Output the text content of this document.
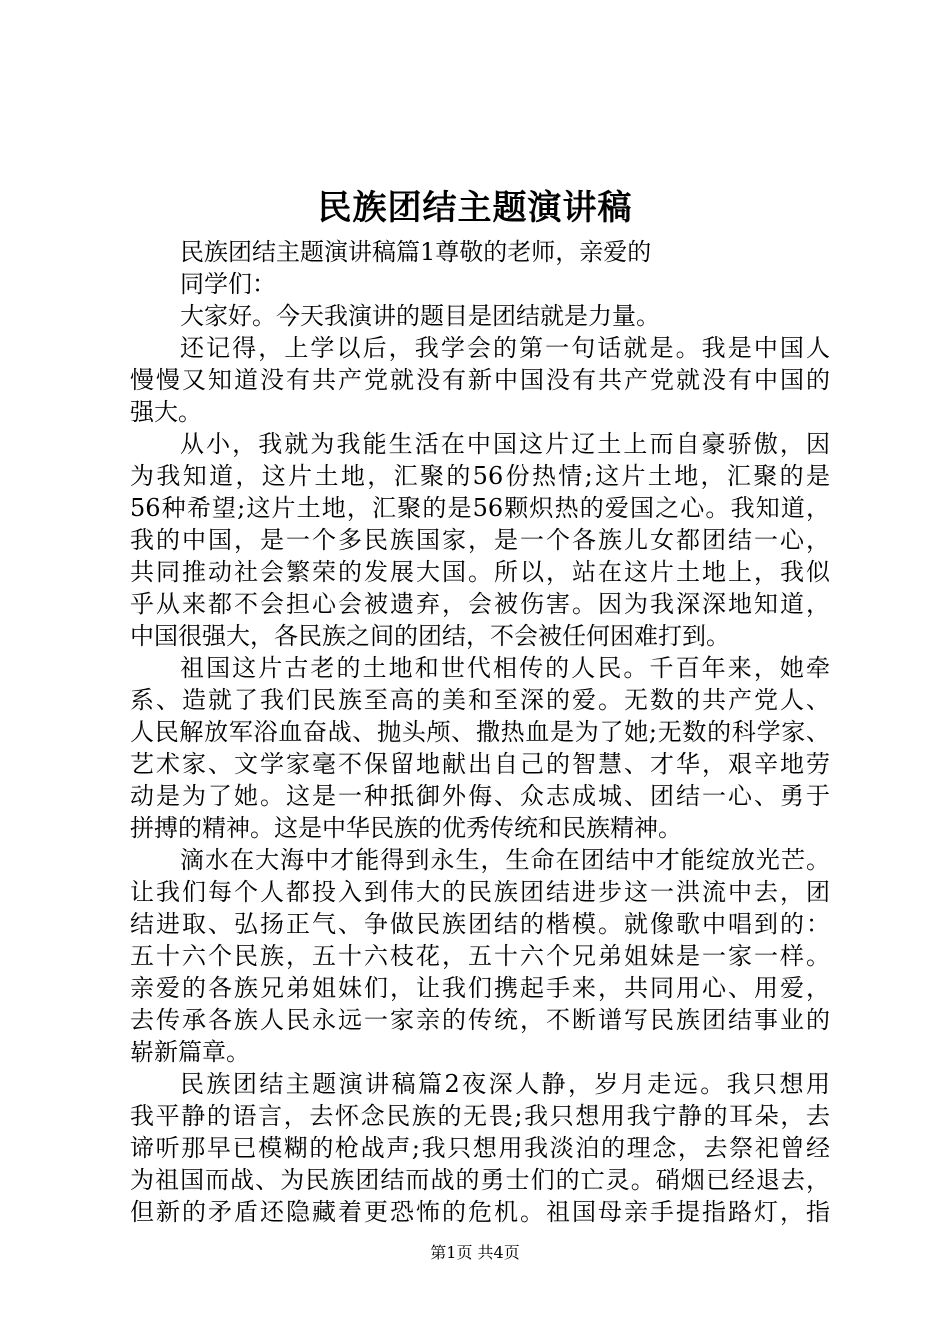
民族团结主题演讲稿
民族团结主题演讲稿篇1尊敬的老师，亲爱的
同学们：
大家好。今天我演讲的题目是团结就是力量。
还记得，上学以后，我学会的第一句话就是。我是中国人
慢慢又知道没有共产党就没有新中国没有共产党就没有中国的
强大。
从小，我就为我能生活在中国这片辽土上而自豪骄傲，因
为我知道，这片土地，汇聚的56份热情;这片土地，汇聚的是
56种希望;这片土地，汇聚的是56颗炽热的爱国之心。我知道，
我的中国，是一个多民族国家，是一个各族儿女都团结一心，
共同推动社会繁荣的发展大国。所以，站在这片土地上，我似
乎从来都不会担心会被遗弃，会被伤害。因为我深深地知道，
中国很强大，各民族之间的团结，不会被任何困难打到。
祖国这片古老的土地和世代相传的人民。千百年来，她牵
系、造就了我们民族至高的美和至深的爱。无数的共产党人、
人民解放军浴血奋战、抛头颅、撒热血是为了她;无数的科学家、
艺术家、文学家毫不保留地献出自己的智慧、才华，艰辛地劳
动是为了她。这是一种抵御外侮、众志成城、团结一心、勇于
拼搏的精神。这是中华民族的优秀传统和民族精神。
滴水在大海中才能得到永生，生命在团结中才能绽放光芒。
让我们每个人都投入到伟大的民族团结进步这一洪流中去，团
结进取、弘扬正气、争做民族团结的楷模。就像歌中唱到的：
五十六个民族，五十六枝花，五十六个兄弟姐妹是一家一样。
亲爱的各族兄弟姐妹们，让我们携起手来，共同用心、用爱，
去传承各族人民永远一家亲的传统，不断谱写民族团结事业的
崭新篇章。
民族团结主题演讲稿篇2夜深人静，岁月走远。我只想用
我平静的语言，去怀念民族的无畏;我只想用我宁静的耳朵，去
谛听那早已模糊的枪战声;我只想用我淡泊的理念，去祭祀曾经
为祖国而战、为民族团结而战的勇士们的亡灵。硝烟已经退去，
但新的矛盾还隐藏着更恐怖的危机。祖国母亲手提指路灯，指
第1页 共4页
